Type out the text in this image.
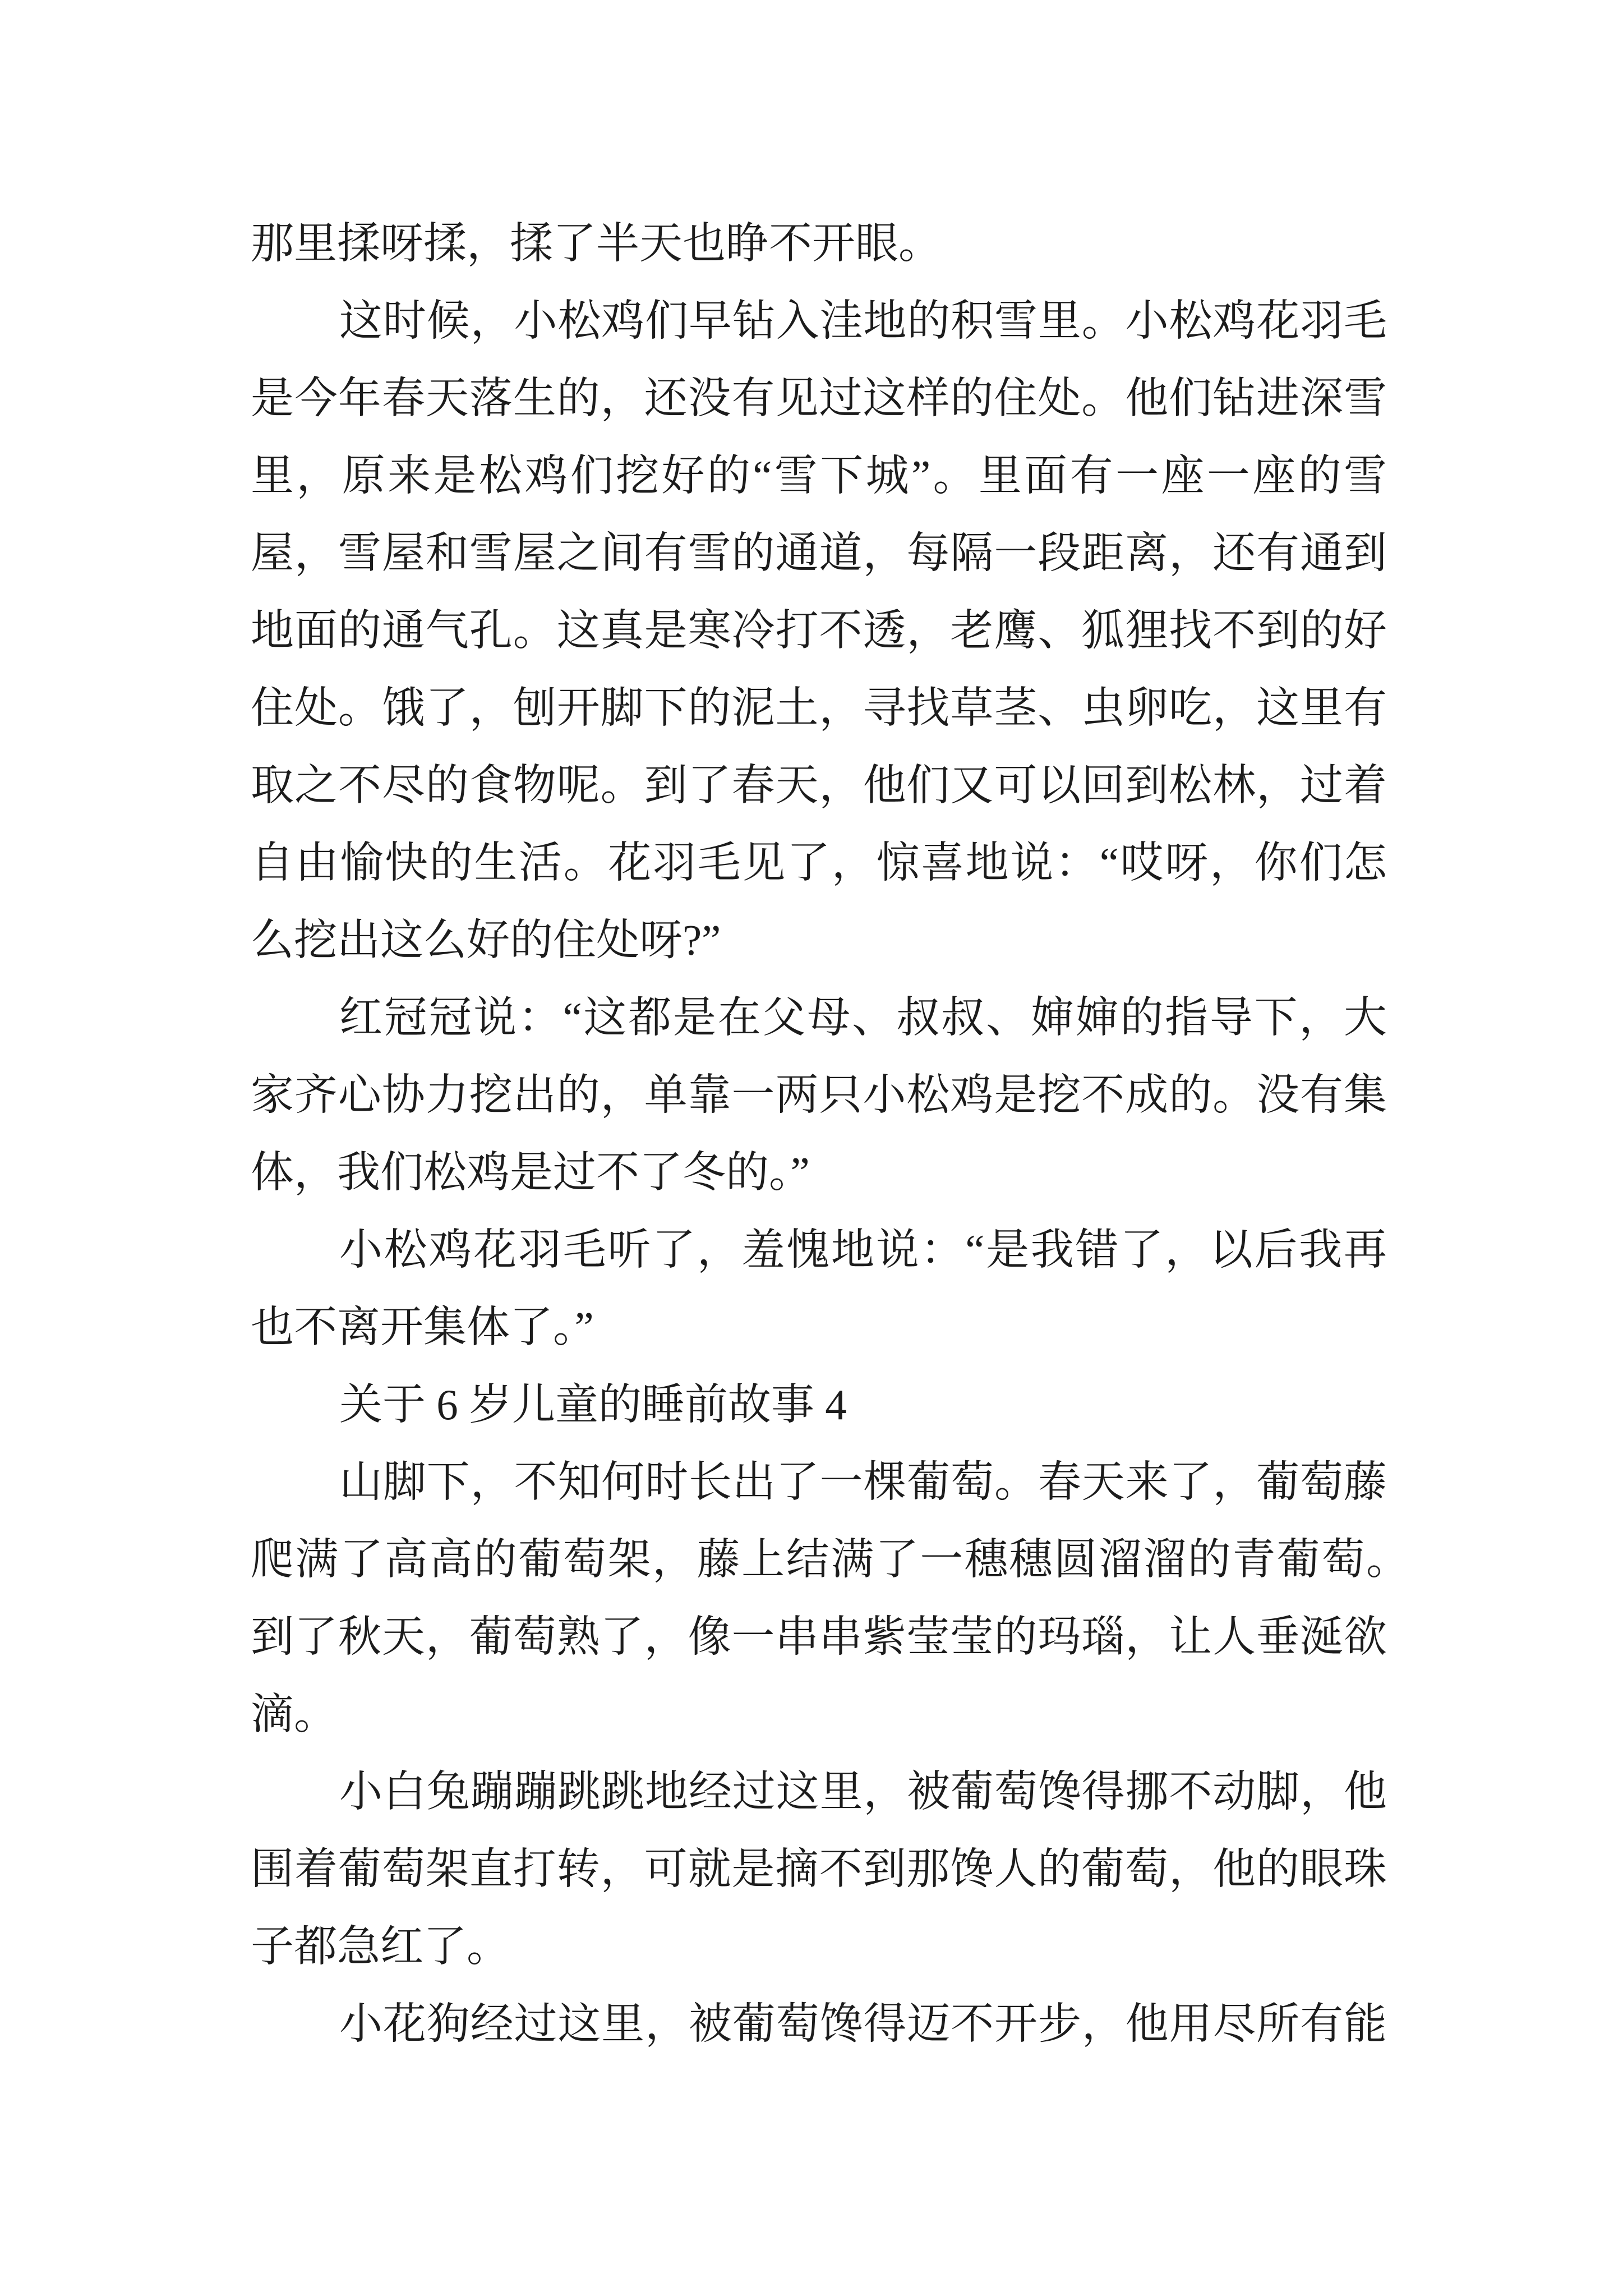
那里揉呀揉，揉了半天也睁不开眼。
这时候，小松鸡们早钻入洼地的积雪里。小松鸡花羽毛
是今年春天落生的，还没有见过这样的住处。他们钻进深雪
里，原来是松鸡们挖好的“雪下城”。里面有一座一座的雪
屋，雪屋和雪屋之间有雪的通道，每隔一段距离，还有通到
地面的通气孔。这真是寒冷打不透，老鹰、狐狸找不到的好
住处。饿了，刨开脚下的泥土，寻找草茎、虫卵吃，这里有
取之不尽的食物呢。到了春天，他们又可以回到松林，过着
自由愉快的生活。花羽毛见了，惊喜地说：“哎呀，你们怎
么挖出这么好的住处呀?”
红冠冠说：“这都是在父母、叔叔、婶婶的指导下，大
家齐心协力挖出的，单靠一两只小松鸡是挖不成的。没有集
体，我们松鸡是过不了冬的。”
小松鸡花羽毛听了，羞愧地说：“是我错了，以后我再
也不离开集体了。”
关于 6 岁儿童的睡前故事 4
山脚下，不知何时长出了一棵葡萄。春天来了，葡萄藤
爬满了高高的葡萄架，藤上结满了一穗穗圆溜溜的青葡萄。
到了秋天，葡萄熟了，像一串串紫莹莹的玛瑙，让人垂涎欲
滴。
小白兔蹦蹦跳跳地经过这里，被葡萄馋得挪不动脚，他
围着葡萄架直打转，可就是摘不到那馋人的葡萄，他的眼珠
子都急红了。
小花狗经过这里，被葡萄馋得迈不开步，他用尽所有能
